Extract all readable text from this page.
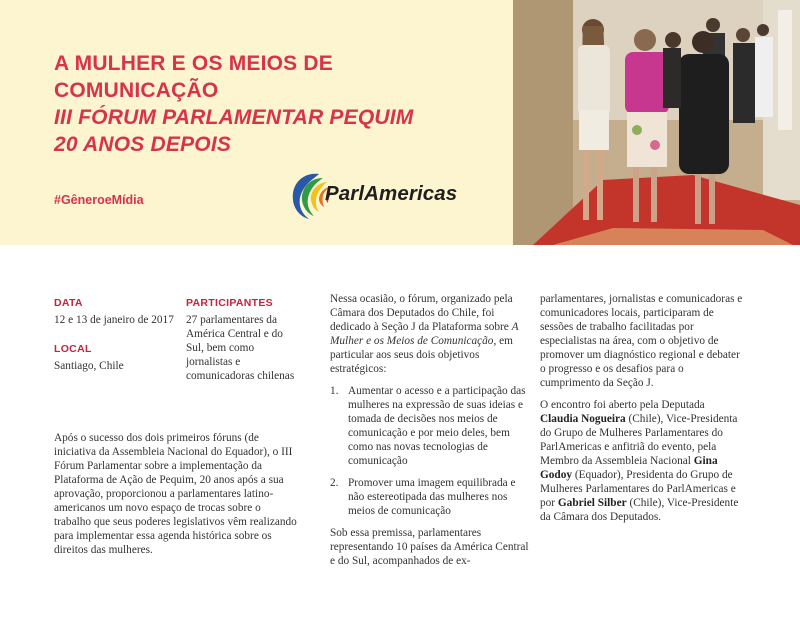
A MULHER E OS MEIOS DE
COMUNICAÇÃO
III FÓRUM PARLAMENTAR PEQUIM
20 ANOS DEPOIS
#GêneroeMídia	ParlAmericas
DATA
12 e 13 de janeiro de 2017
LOCAL
Santiago, Chile
PARTICIPANTES
27 parlamentares da América Central e do Sul, bem como jornalistas e comunicadoras chilenas

Após o sucesso dos dois primeiros fóruns (de iniciativa da Assembleia Nacional do Equador), o III Fórum Parlamentar sobre a implementação da Plataforma de Ação de Pequim, 20 anos após a sua aprovação, proporcionou a parlamentares latino-americanos um novo espaço de trocas sobre o trabalho que seus poderes legislativos vêm realizando para implementar essa agenda histórica sobre os direitos das mulheres.

Nessa ocasião, o fórum, organizado pela Câmara dos Deputados do Chile, foi dedicado à Seção J da Plataforma sobre A Mulher e os Meios de Comunicação, em particular aos seus dois objetivos estratégicos:

1. Aumentar o acesso e a participação das mulheres na expressão de suas ideias e tomada de decisões nos meios de comunicação e por meio deles, bem como nas novas tecnologias de comunicação
2. Promover uma imagem equilibrada e não estereotipada das mulheres nos meios de comunicação

Sob essa premissa, parlamentares representando 10 países da América Central e do Sul, acompanhados de ex-

parlamentares, jornalistas e comunicadoras e comunicadores locais, participaram de sessões de trabalho facilitadas por especialistas na área, com o objetivo de promover um diagnóstico regional e debater o progresso e os desafios para o cumprimento da Seção J.

O encontro foi aberto pela Deputada Claudia Nogueira (Chile), Vice-Presidenta do Grupo de Mulheres Parlamentares do ParlAmericas e anfitriã do evento, pela Membro da Assembleia Nacional Gina Godoy (Equador), Presidenta do Grupo de Mulheres Parlamentares do ParlAmericas e por Gabriel Silber (Chile), Vice-Presidente da Câmara dos Deputados.
